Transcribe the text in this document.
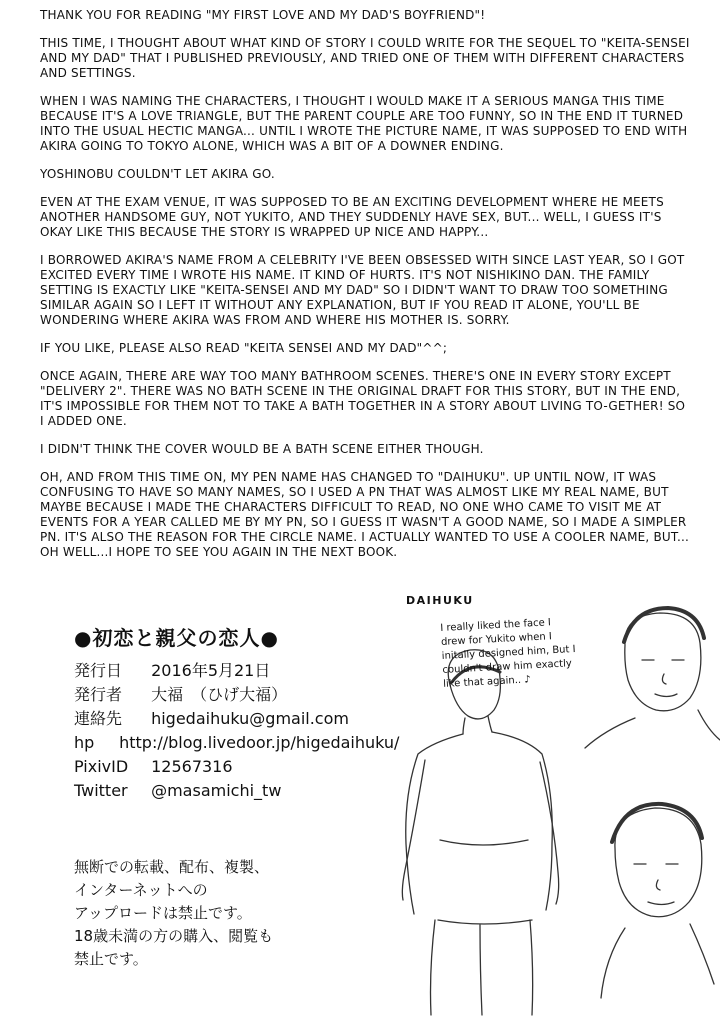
THANK YOU FOR READING "MY FIRST LOVE AND MY DAD'S BOYFRIEND"!

THIS TIME, I THOUGHT ABOUT WHAT KIND OF STORY I COULD WRITE FOR THE SEQUEL TO "KEITA-SENSEI AND MY DAD" THAT I PUBLISHED PREVIOUSLY, AND TRIED ONE OF THEM WITH DIFFERENT CHARACTERS AND SETTINGS.

WHEN I WAS NAMING THE CHARACTERS, I THOUGHT I WOULD MAKE IT A SERIOUS MANGA THIS TIME BECAUSE IT'S A LOVE TRIANGLE, BUT THE PARENT COUPLE ARE TOO FUNNY, SO IN THE END IT TURNED INTO THE USUAL HECTIC MANGA... UNTIL I WROTE THE PICTURE NAME, IT WAS SUPPOSED TO END WITH AKIRA GOING TO TOKYO ALONE, WHICH WAS A BIT OF A DOWNER ENDING.

YOSHINOBU COULDN'T LET AKIRA GO.

EVEN AT THE EXAM VENUE, IT WAS SUPPOSED TO BE AN EXCITING DEVELOPMENT WHERE HE MEETS ANOTHER HANDSOME GUY, NOT YUKITO, AND THEY SUDDENLY HAVE SEX, BUT... WELL, I GUESS IT'S OKAY LIKE THIS BECAUSE THE STORY IS WRAPPED UP NICE AND HAPPY...

I BORROWED AKIRA'S NAME FROM A CELEBRITY I'VE BEEN OBSESSED WITH SINCE LAST YEAR, SO I GOT EXCITED EVERY TIME I WROTE HIS NAME. IT KIND OF HURTS. IT'S NOT NISHIKINO DAN. THE FAMILY SETTING IS EXACTLY LIKE "KEITA-SENSEI AND MY DAD" SO I DIDN'T WANT TO DRAW TOO SOMETHING SIMILAR AGAIN SO I LEFT IT WITHOUT ANY EXPLANATION, BUT IF YOU READ IT ALONE, YOU'LL BE WONDERING WHERE AKIRA WAS FROM AND WHERE HIS MOTHER IS. SORRY.

IF YOU LIKE, PLEASE ALSO READ "KEITA SENSEI AND MY DAD"^^;

ONCE AGAIN, THERE ARE WAY TOO MANY BATHROOM SCENES. THERE'S ONE IN EVERY STORY EXCEPT "DELIVERY 2". THERE WAS NO BATH SCENE IN THE ORIGINAL DRAFT FOR THIS STORY, BUT IN THE END, IT'S IMPOSSIBLE FOR THEM NOT TO TAKE A BATH TOGETHER IN A STORY ABOUT LIVING TO-GETHER! SO I ADDED ONE.

I DIDN'T THINK THE COVER WOULD BE A BATH SCENE EITHER THOUGH.

OH, AND FROM THIS TIME ON, MY PEN NAME HAS CHANGED TO "DAIHUKU". UP UNTIL NOW, IT WAS CONFUSING TO HAVE SO MANY NAMES, SO I USED A PN THAT WAS ALMOST LIKE MY REAL NAME, BUT MAYBE BECAUSE I MADE THE CHARACTERS DIFFICULT TO READ, NO ONE WHO CAME TO VISIT ME AT EVENTS FOR A YEAR CALLED ME BY MY PN, SO I GUESS IT WASN'T A GOOD NAME, SO I MADE A SIMPLER PN. IT'S ALSO THE REASON FOR THE CIRCLE NAME. I ACTUALLY WANTED TO USE A COOLER NAME, BUT... OH WELL...I HOPE TO SEE YOU AGAIN IN THE NEXT BOOK.

●初恋と親父の恋人●
発行日 2016年5月21日
発行者 大福　（ひげ大福）
連絡先 higedaihuku@gmail.com
hp http://blog.livedoor.jp/higedaihuku/
PixivID 12567316
Twitter @masamichi_tw
無断での転載、配布、複製、
インターネットへの
アップロードは禁止です。
18歳未満の方の購入、閲覧も
禁止です。
DAIHUKU
I really liked the face I
drew for Yukito when I
initally designed him, But I
couldn't draw him exactly
like that again.. ♪
